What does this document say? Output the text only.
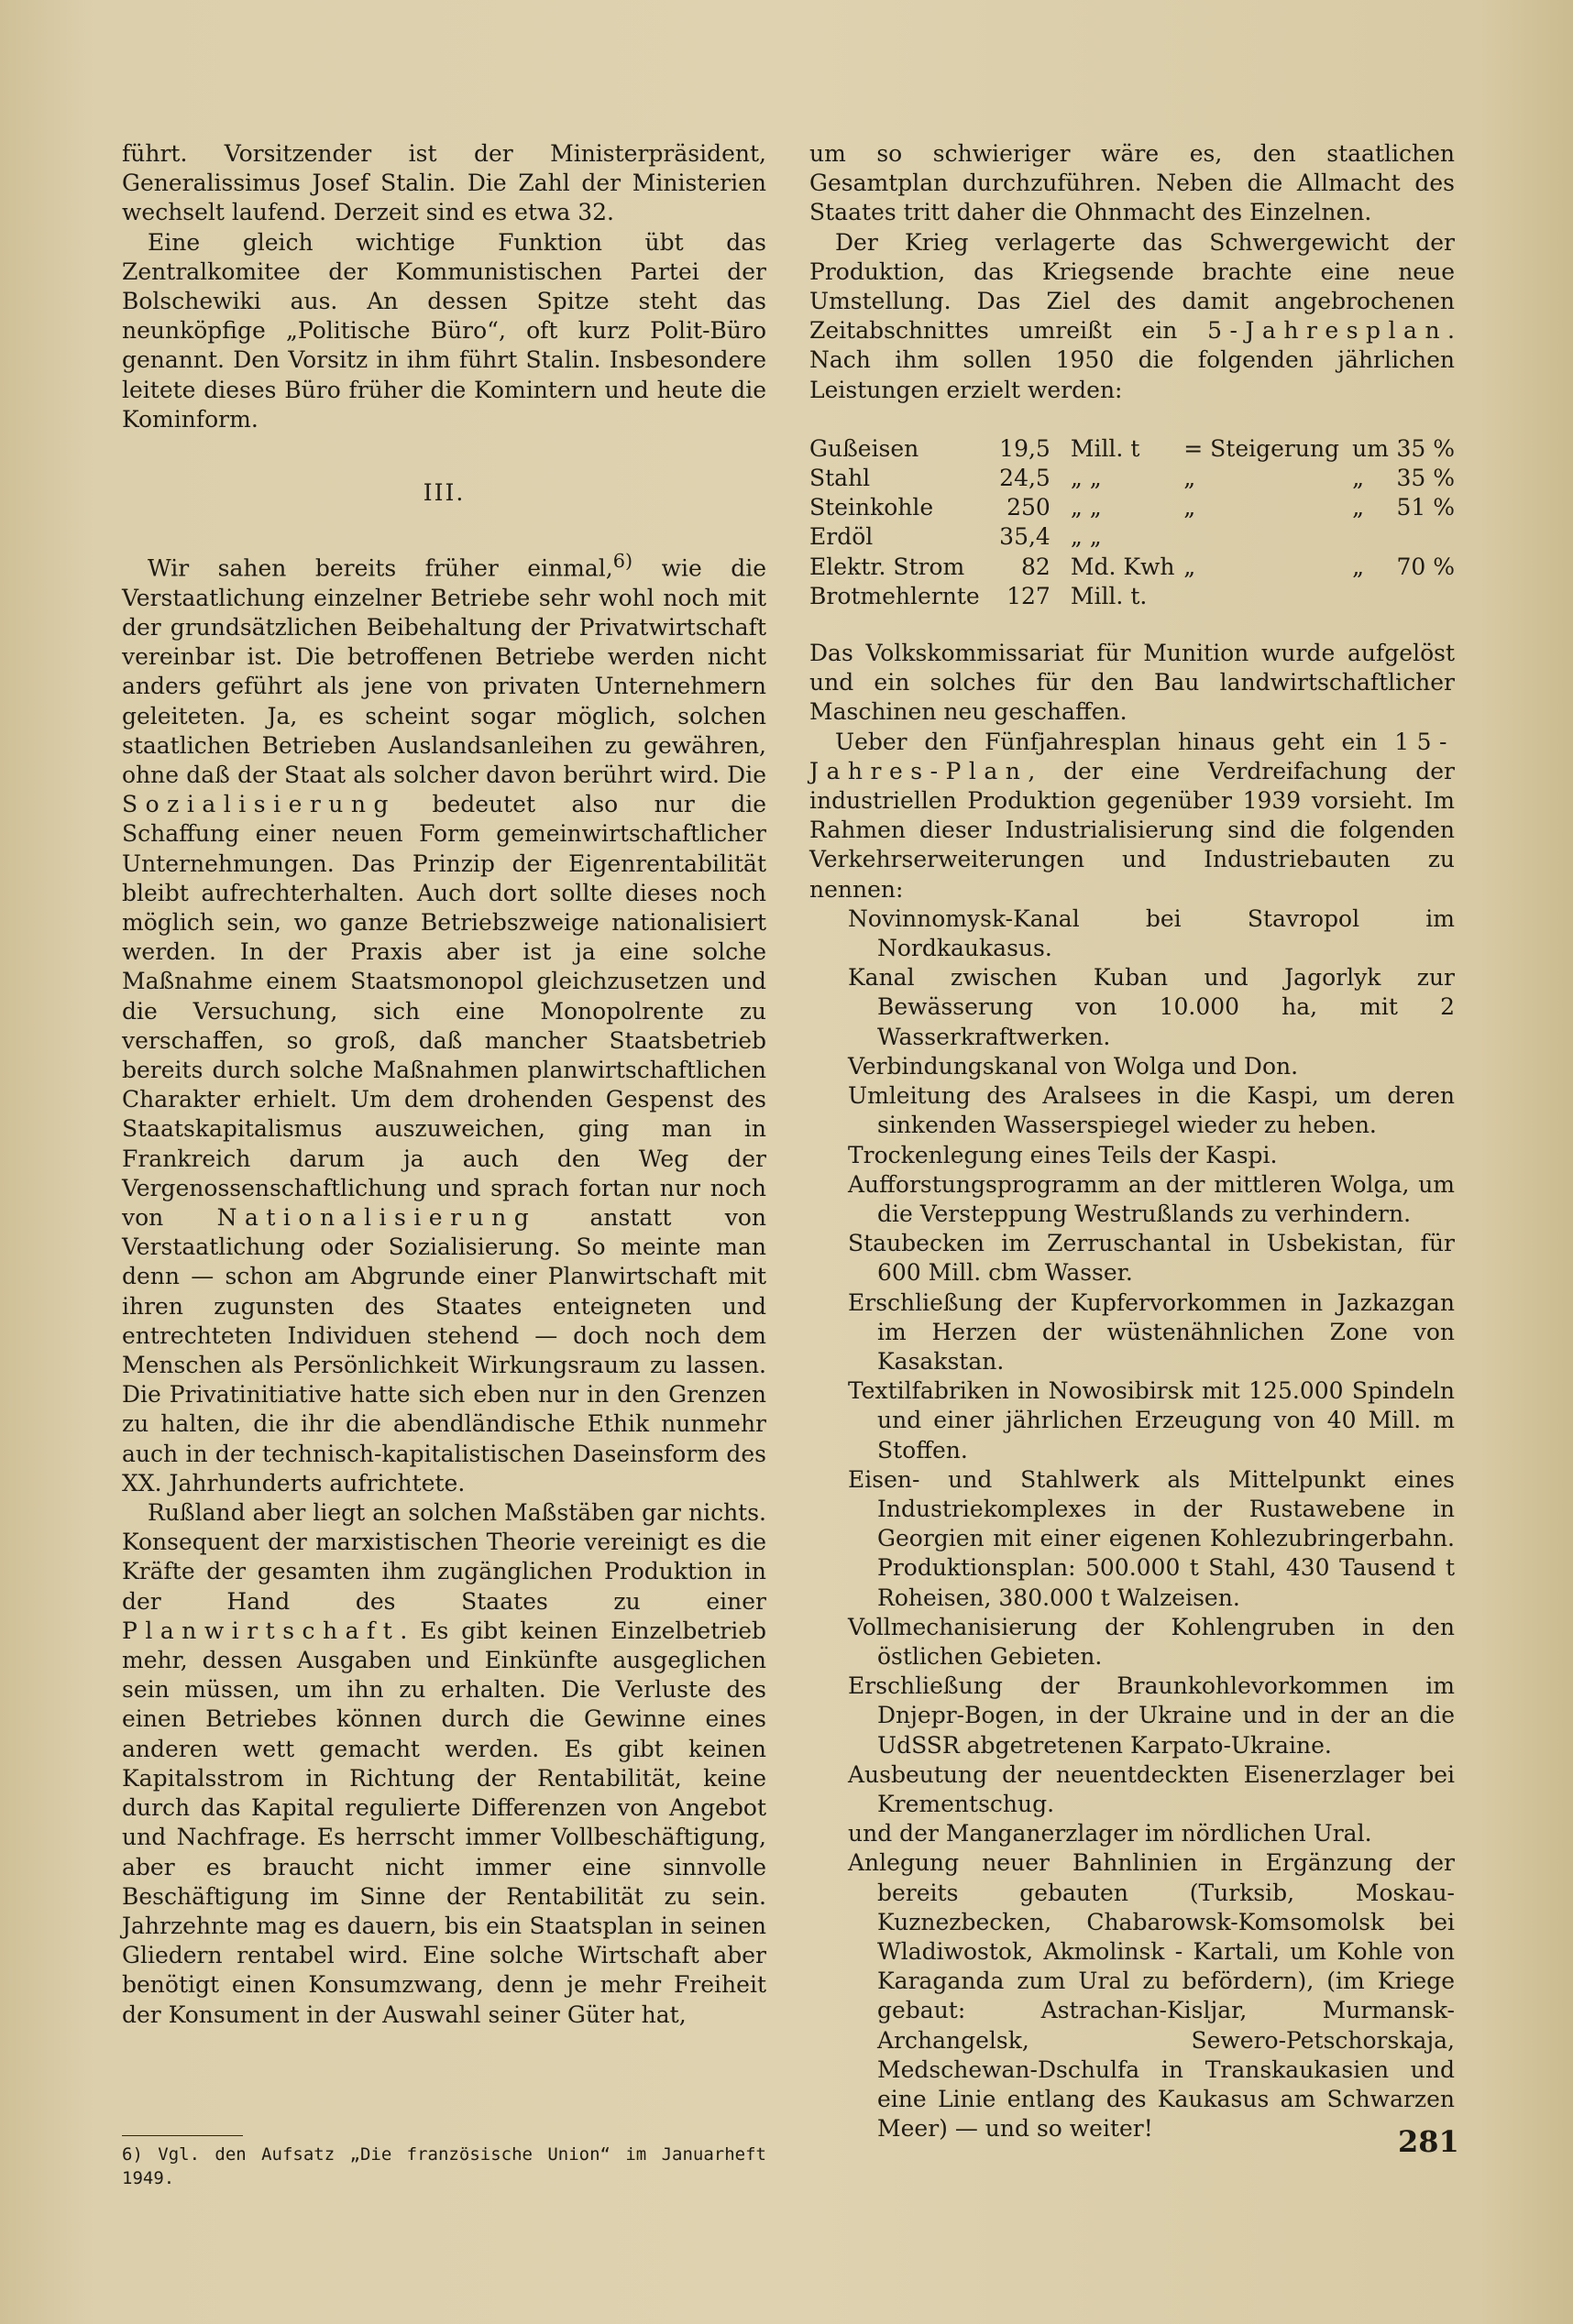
führt. Vorsitzender ist der Ministerpräsident, Generalissimus Josef Stalin. Die Zahl der Ministerien wechselt laufend. Derzeit sind es etwa 32.

Eine gleich wichtige Funktion übt das Zentralkomitee der Kommunistischen Partei der Bolschewiki aus. An dessen Spitze steht das neunköpfige „Politische Büro“, oft kurz Polit-Büro genannt. Den Vorsitz in ihm führt Stalin. Insbesondere leitete dieses Büro früher die Komintern und heute die Kominform.

III.

Wir sahen bereits früher einmal,$^{6)}$ wie die Verstaatlichung einzelner Betriebe sehr wohl noch mit der grundsätzlichen Beibehaltung der Privatwirtschaft vereinbar ist. Die betroffenen Betriebe werden nicht anders geführt als jene von privaten Unternehmern geleiteten. Ja, es scheint sogar möglich, solchen staatlichen Betrieben Auslandsanleihen zu gewähren, ohne daß der Staat als solcher davon berührt wird. Die Sozialisierung bedeutet also nur die Schaffung einer neuen Form gemeinwirtschaftlicher Unternehmungen. Das Prinzip der Eigenrentabilität bleibt aufrechterhalten. Auch dort sollte dieses noch möglich sein, wo ganze Betriebszweige nationalisiert werden. In der Praxis aber ist ja eine solche Maßnahme einem Staatsmonopol gleichzusetzen und die Versuchung, sich eine Monopolrente zu verschaffen, so groß, daß mancher Staatsbetrieb bereits durch solche Maßnahmen planwirtschaftlichen Charakter erhielt. Um dem drohenden Gespenst des Staatskapitalismus auszuweichen, ging man in Frankreich darum ja auch den Weg der Vergenossenschaftlichung und sprach fortan nur noch von Nationalisierung anstatt von Verstaatlichung oder Sozialisierung. So meinte man denn — schon am Abgrunde einer Planwirtschaft mit ihren zugunsten des Staates enteigneten und entrechteten Individuen stehend — doch noch dem Menschen als Persönlichkeit Wirkungsraum zu lassen. Die Privatinitiative hatte sich eben nur in den Grenzen zu halten, die ihr die abendländische Ethik nunmehr auch in der technisch-kapitalistischen Daseinsform des XX. Jahrhunderts aufrichtete.

Rußland aber liegt an solchen Maßstäben gar nichts. Konsequent der marxistischen Theorie vereinigt es die Kräfte der gesamten ihm zugänglichen Produktion in der Hand des Staates zu einer Planwirtschaft. Es gibt keinen Einzelbetrieb mehr, dessen Ausgaben und Einkünfte ausgeglichen sein müssen, um ihn zu erhalten. Die Verluste des einen Betriebes können durch die Gewinne eines anderen wett gemacht werden. Es gibt keinen Kapitalsstrom in Richtung der Rentabilität, keine durch das Kapital regulierte Differenzen von Angebot und Nachfrage. Es herrscht immer Vollbeschäftigung, aber es braucht nicht immer eine sinnvolle Beschäftigung im Sinne der Rentabilität zu sein. Jahrzehnte mag es dauern, bis ein Staatsplan in seinen Gliedern rentabel wird. Eine solche Wirtschaft aber benötigt einen Konsumzwang, denn je mehr Freiheit der Konsument in der Auswahl seiner Güter hat,

um so schwieriger wäre es, den staatlichen Gesamtplan durchzuführen. Neben die Allmacht des Staates tritt daher die Ohnmacht des Einzelnen.

Der Krieg verlagerte das Schwergewicht der Produktion, das Kriegsende brachte eine neue Umstellung. Das Ziel des damit angebrochenen Zeitabschnittes umreißt ein 5-Jahresplan. Nach ihm sollen 1950 die folgenden jährlichen Leistungen erzielt werden:

Gußeisen	19,5	Mill. t	= Steigerung	um	35 %
Stahl	24,5	„ „	„	„	35 %
Steinkohle	250	„ „	„	„	51 %
Erdöl	35,4	„ „			
Elektr. Strom	82	Md. Kwh	„	„	70 %
Brotmehlernte	127	Mill. t.			

Das Volkskommissariat für Munition wurde aufgelöst und ein solches für den Bau landwirtschaftlicher Maschinen neu geschaffen.

Ueber den Fünfjahresplan hinaus geht ein 15-Jahres-Plan, der eine Verdreifachung der industriellen Produktion gegenüber 1939 vorsieht. Im Rahmen dieser Industrialisierung sind die folgenden Verkehrserweiterungen und Industriebauten zu nennen:

Novinnomysk-Kanal bei Stavropol im Nordkaukasus.
Kanal zwischen Kuban und Jagorlyk zur Bewässerung von 10.000 ha, mit 2 Wasserkraftwerken.
Verbindungskanal von Wolga und Don.
Umleitung des Aralsees in die Kaspi, um deren sinkenden Wasserspiegel wieder zu heben.
Trockenlegung eines Teils der Kaspi.
Aufforstungsprogramm an der mittleren Wolga, um die Versteppung Westrußlands zu verhindern.
Staubecken im Zerruschantal in Usbekistan, für 600 Mill. cbm Wasser.
Erschließung der Kupfervorkommen in Jazkazgan im Herzen der wüstenähnlichen Zone von Kasakstan.
Textilfabriken in Nowosibirsk mit 125.000 Spindeln und einer jährlichen Erzeugung von 40 Mill. m Stoffen.
Eisen- und Stahlwerk als Mittelpunkt eines Industriekomplexes in der Rustawebene in Georgien mit einer eigenen Kohlezubringerbahn. Produktionsplan: 500.000 t Stahl, 430 Tausend t Roheisen, 380.000 t Walzeisen.
Vollmechanisierung der Kohlengruben in den östlichen Gebieten.
Erschließung der Braunkohlevorkommen im Dnjepr-Bogen, in der Ukraine und in der an die UdSSR abgetretenen Karpato-Ukraine.
Ausbeutung der neuentdeckten Eisenerzlager bei Krementschug.
und der Manganerzlager im nördlichen Ural.
Anlegung neuer Bahnlinien in Ergänzung der bereits gebauten (Turksib, Moskau-Kuznezbecken, Chabarowsk-Komsomolsk bei Wladiwostok, Akmolinsk - Kartali, um Kohle von Karaganda zum Ural zu befördern), (im Kriege gebaut: Astrachan-Kisljar, Murmansk-Archangelsk, Sewero-Petschorskaja, Medschewan-Dschulfa in Transkaukasien und eine Linie entlang des Kaukasus am Schwarzen Meer) — und so weiter!

6) Vgl. den Aufsatz „Die französische Union“ im Januarheft 1949.

281
